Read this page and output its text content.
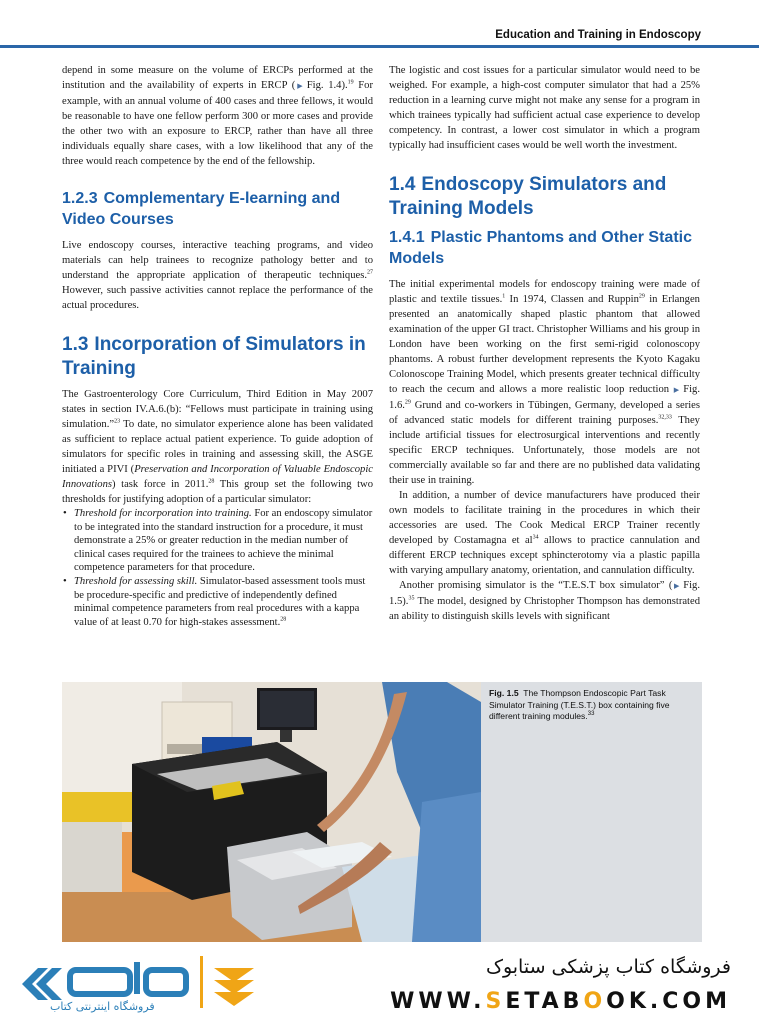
Education and Training in Endoscopy

depend in some measure on the volume of ERCPs performed at the institution and the availability of experts in ERCP (▶  Fig. 1.4).$^{19}$ For example, with an annual volume of 400 cases and three fellows, it would be reasonable to have one fellow perform 300 or more cases and provide the other two with an exposure to ERCP, rather than have all three individuals equally share cases, with a low likelihood that any of the three would reach competence by the end of the fellowship.

1.2.3 Complementary E-learning and Video Courses

Live endoscopy courses, interactive teaching programs, and video materials can help trainees to recognize pathology better and to understand the appropriate application of therapeutic techniques.$^{27}$ However, such passive activities cannot replace the performance of the actual procedures.

1.3 Incorporation of Simulators in Training

The Gastroenterology Core Curriculum, Third Edition in May 2007 states in section IV.A.6.(b): “Fellows must participate in training using simulation.”$^{23}$ To date, no simulator experience alone has been validated as sufficient to replace actual patient experience. To guide adoption of simulators for specific roles in training and assessing skill, the ASGE initiated a PIVI (Preservation and Incorporation of Valuable Endoscopic Innovations) task force in 2011.28 This group set the following two thresholds for justifying adoption of a particular simulator:

• Threshold for incorporation into training. For an endoscopy simulator to be integrated into the standard instruction for a procedure, it must demonstrate a 25% or greater reduction in the median number of clinical cases required for the trainees to achieve the minimal competence parameters for that procedure.
• Threshold for assessing skill. Simulator-based assessment tools must be procedure-specific and predictive of independently defined minimal competence parameters from real procedures with a kappa value of at least 0.70 for high-stakes assessment.$^{28}$

The logistic and cost issues for a particular simulator would need to be weighed. For example, a high-cost computer simulator that had a 25% reduction in a learning curve might not make any sense for a program in which trainees typically had sufficient actual case experience to develop competency. In contrast, a lower cost simulator in which a program typically had insufficient cases would be well worth the investment.

1.4 Endoscopy Simulators and Training Models
1.4.1 Plastic Phantoms and Other Static Models

The initial experimental models for endoscopy training were made of plastic and textile tissues.$^1$ In 1974, Classen and Ruppin$^{29}$ in Erlangen presented an anatomically shaped plastic phantom that allowed examination of the upper GI tract. Christopher Williams and his group in London have been working on the first semi-rigid colonoscopy phantoms. A robust further development represents the Kyoto Kagaku Colonoscope Training Model, which presents greater technical difficulty to reach the cecum and allows a more realistic loop reduction ▶  Fig. 1.6.29 Grund and co-workers in Tübingen, Germany, developed a series of advanced static models for different training purposes.$^{32,33}$ They include artificial tissues for electrosurgical interventions and recently specific ERCP techniques. Unfortunately, those models are not commercially available so far and there are no published data validating their use in training.

In addition, a number of device manufacturers have produced their own models to facilitate training in the procedures in which their accessories are used. The Cook Medical ERCP Trainer recently developed by Costamagna et $al^{34}$ allows to practice cannulation and different ERCP techniques except sphincterotomy via a plastic papilla with varying ampullary anatomy, orientation, and cannulation difficulty.

Another promising simulator is the “T.E.S.T box simulator” (▶  Fig. 1.5).$^{35}$ The model, designed by Christopher Thompson has demonstrated an ability to distinguish skills levels with significant

Fig. 1.5 The Thompson Endoscopic Part Task Simulator Training (T.E.S.T.) box containing five different training modules.$^{33}$
فروشگاه اینترنتی کتاب
فروشگاه کتاب پزشکی ستابوک
WWW.SETABOOK.COM
